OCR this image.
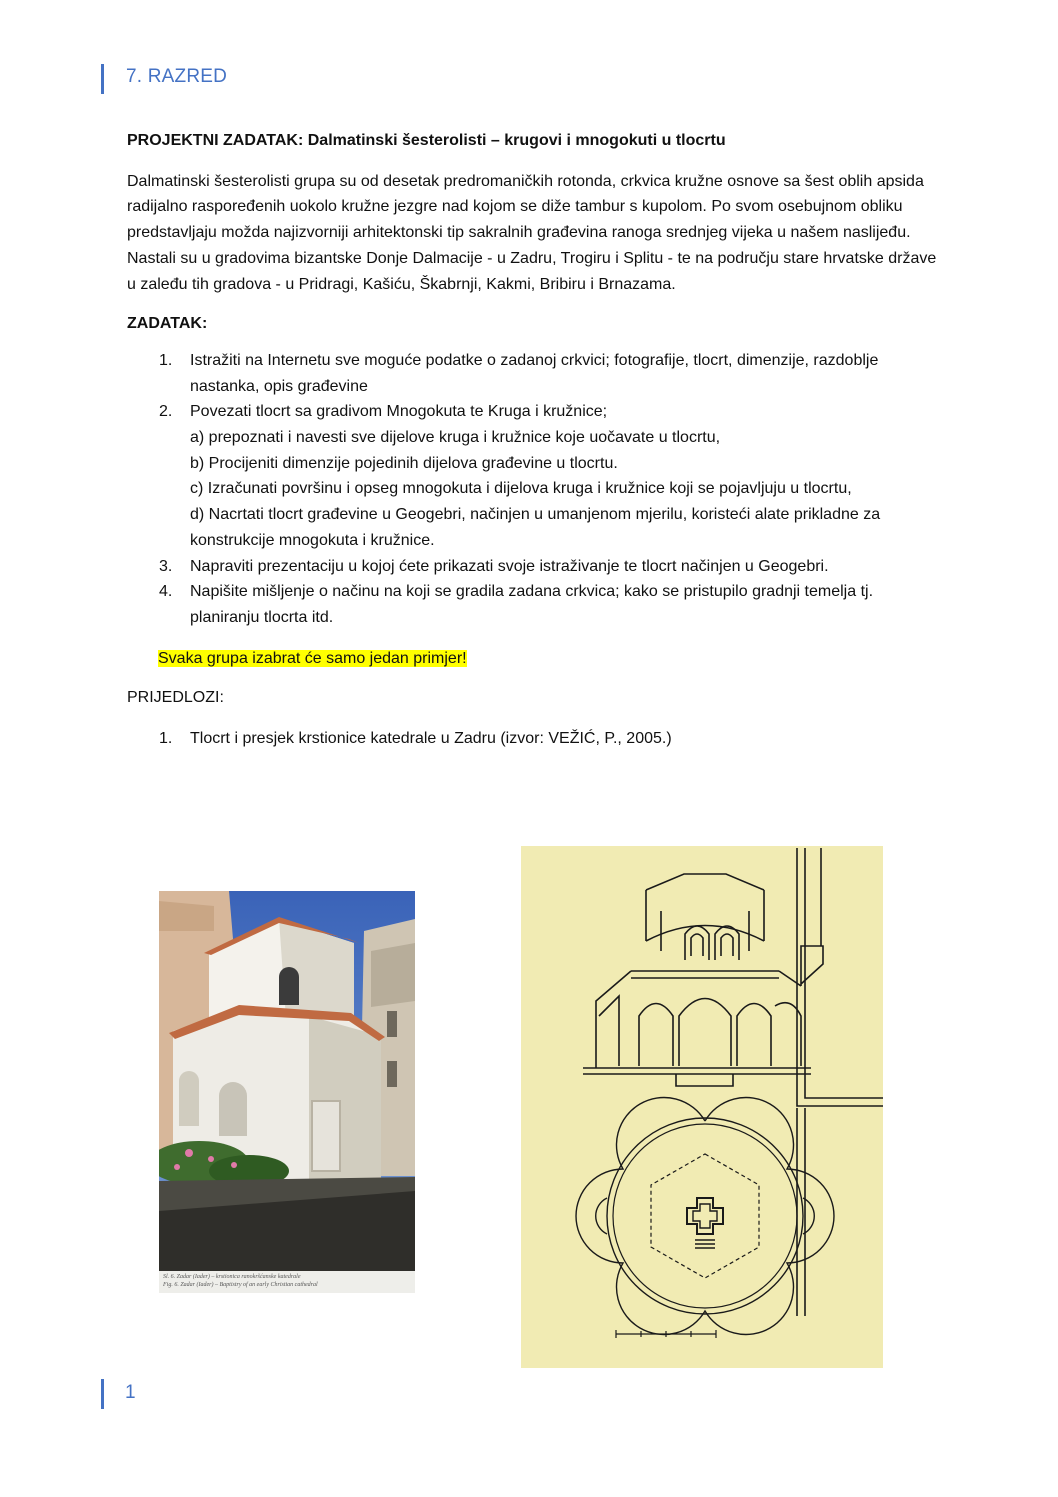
7. RAZRED

PROJEKTNI ZADATAK: Dalmatinski šesterolisti – krugovi i mnogokuti u tlocrtu

Dalmatinski šesterolisti grupa su od desetak predromaničkih rotonda, crkvica kružne osnove sa šest oblih apsida radijalno raspoređenih uokolo kružne jezgre nad kojom se diže tambur s kupolom. Po svom osebujnom obliku predstavljaju možda najizvorniji arhitektonski tip sakralnih građevina ranoga srednjeg vijeka u našem naslijeđu. Nastali su u gradovima bizantske Donje Dalmacije - u Zadru, Trogiru i Splitu - te na području stare hrvatske države u zaleđu tih gradova - u Pridragi, Kašiću, Škabrnji, Kakmi, Bribiru i Brnazama.

ZADATAK:

1. Istražiti na Internetu sve moguće podatke o zadanoj crkvici; fotografije, tlocrt, dimenzije, razdoblje nastanka, opis građevine
2. Povezati tlocrt sa gradivom Mnogokuta te Kruga i kružnice;
a) prepoznati i navesti sve dijelove kruga i kružnice koje uočavate u tlocrtu,
b) Procijeniti dimenzije pojedinih dijelova građevine u tlocrtu.
c) Izračunati površinu i opseg mnogokuta i dijelova kruga i kružnice koji se pojavljuju u tlocrtu,
d) Nacrtati tlocrt građevine u Geogebri, načinjen u umanjenom mjerilu, koristeći alate prikladne za konstrukcije mnogokuta i kružnice.
3. Napraviti prezentaciju u kojoj ćete prikazati svoje istraživanje te tlocrt načinjen u Geogebri.
4. Napišite mišljenje o načinu na koji se gradila zadana crkvica; kako se pristupilo gradnji temelja tj. planiranju tlocrta itd.

Svaka grupa izabrat će samo jedan primjer!

PRIJEDLOZI:

1. Tlocrt i presjek krstionice katedrale u Zadru (izvor: VEŽIĆ, P., 2005.)
Sl. 6. Zadar (Iader) – krstionica ranokršćanske katedrale
Fig. 6. Zadar (Iader) – Baptistry of an early Christian cathedral
1
